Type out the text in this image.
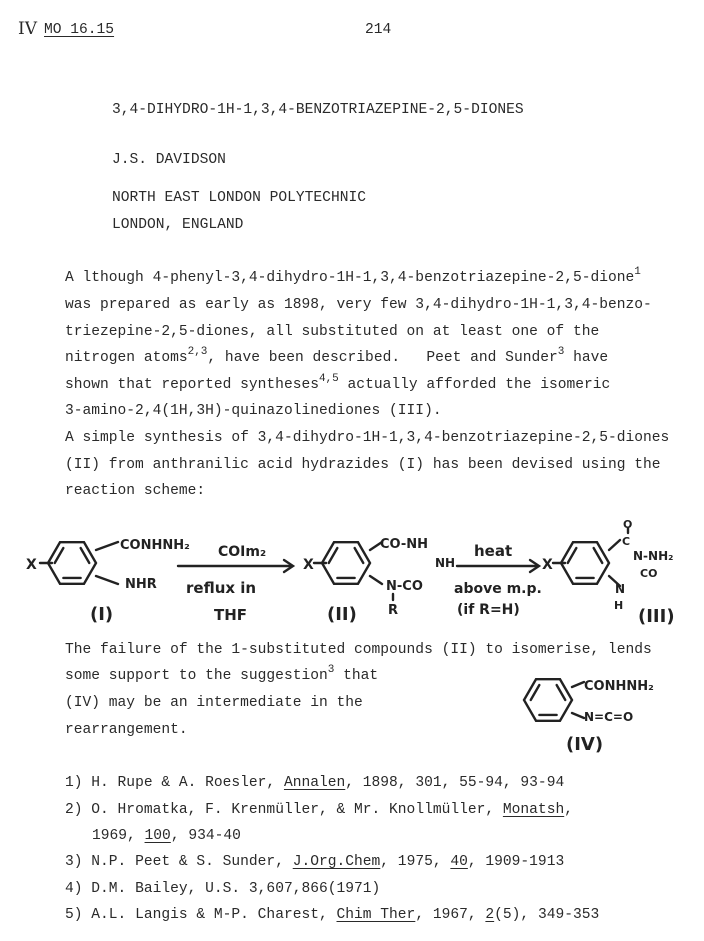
IV MO 16.15	214
3,4-DIHYDRO-1H-1,3,4-BENZOTRIAZEPINE-2,5-DIONES
J.S. DAVIDSON
NORTH EAST LONDON POLYTECHNIC
LONDON, ENGLAND
A lthough 4-phenyl-3,4-dihydro-1H-1,3,4-benzotriazepine-2,5-dione$^1$
was prepared as early as 1898, very few 3,4-dihydro-1H-1,3,4-benzo-
triezepine-2,5-diones, all substituted on at least one of the
nitrogen atoms$^{2,3}$, have been described.   Peet and Sunder$^3$ have
shown that reported syntheses$^{4,5}$ actually afforded the isomeric
3-amino-2,4(1H,3H)-quinazolinediones (III).
A simple synthesis of 3,4-dihydro-1H-1,3,4-benzotriazepine-2,5-diones
(II) from anthranilic acid hydrazides (I) has been devised using the
reaction scheme:
X
CONHNH₂
NHR
(I)
COIm₂
reflux in
THF
X
CO-NH
NH
N-CO
R
(II)
heat
above m.p.
(if R=H)
X
O
C
N-NH₂
CO
N
H
(III)
CONHNH₂
N=C=O
(IV)
The failure of the 1-substituted compounds (II) to isomerise, lends
some support to the suggestion$^3$ that
(IV) may be an intermediate in the
rearrangement.
1) H. Rupe & A. Roesler, Annalen, 1898, 301, 55-94, 93-94
2) O. Hromatka, F. Krenmüller, & Mr. Knollmüller, Monatsh,
1969, 100, 934-40
3) N.P. Peet & S. Sunder, J.Org.Chem, 1975, 40, 1909-1913
4) D.M. Bailey, U.S. 3,607,866(1971)
5) A.L. Langis & M-P. Charest, Chim Ther, 1967, 2(5), 349-353
